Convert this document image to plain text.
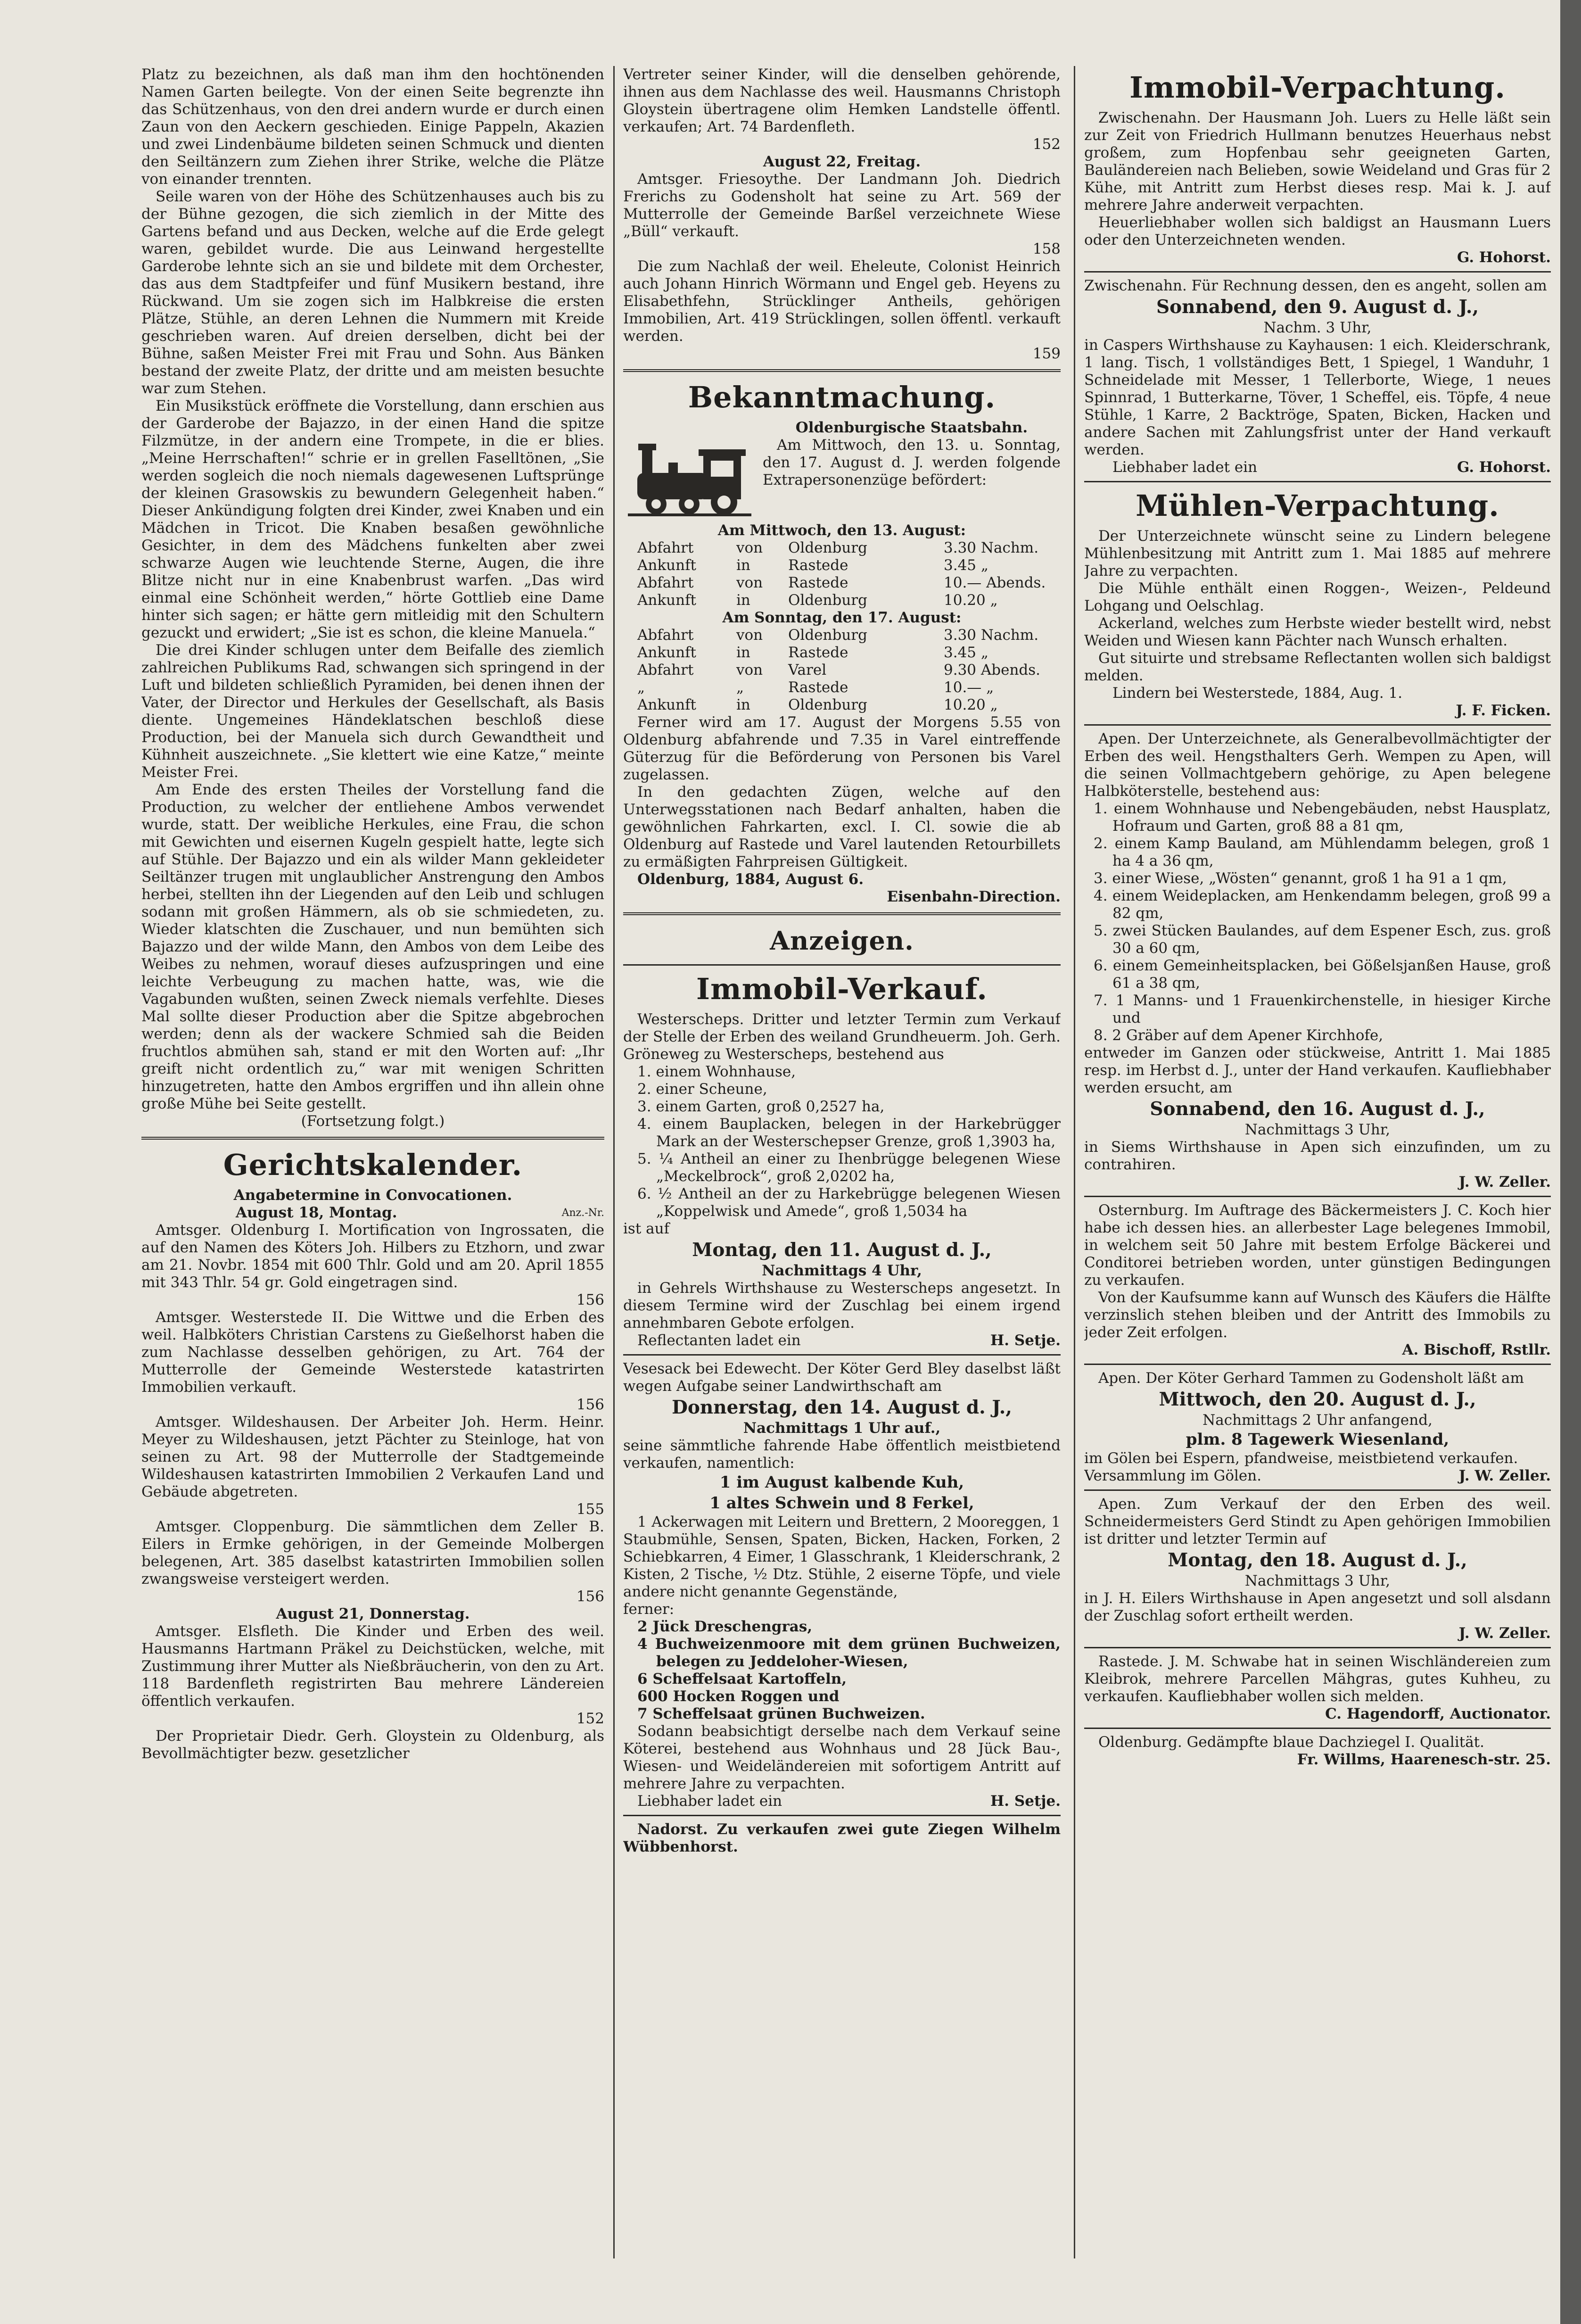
Platz zu bezeichnen, als daß man ihm den hochtönenden Namen Garten beilegte. Von der einen Seite begrenzte ihn das Schützenhaus, von den drei andern wurde er durch einen Zaun von den Aeckern geschieden. Einige Pappeln, Akazien und zwei Lindenbäume bildeten seinen Schmuck und dienten den Seiltänzern zum Ziehen ihrer Strike, welche die Plätze von einander trennten.

Seile waren von der Höhe des Schützenhauses auch bis zu der Bühne gezogen, die sich ziemlich in der Mitte des Gartens befand und aus Decken, welche auf die Erde gelegt waren, gebildet wurde. Die aus Leinwand hergestellte Garderobe lehnte sich an sie und bildete mit dem Orchester, das aus dem Stadtpfeifer und fünf Musikern bestand, ihre Rückwand. Um sie zogen sich im Halbkreise die ersten Plätze, Stühle, an deren Lehnen die Nummern mit Kreide geschrieben waren. Auf dreien derselben, dicht bei der Bühne, saßen Meister Frei mit Frau und Sohn. Aus Bänken bestand der zweite Platz, der dritte und am meisten besuchte war zum Stehen.

Ein Musikstück eröffnete die Vorstellung, dann erschien aus der Garderobe der Bajazzo, in der einen Hand die spitze Filzmütze, in der andern eine Trompete, in die er blies. „Meine Herrschaften!“ schrie er in grellen Faselltönen, „Sie werden sogleich die noch niemals dagewesenen Luftsprünge der kleinen Grasowskis zu bewundern Gelegenheit haben.“ Dieser Ankündigung folgten drei Kinder, zwei Knaben und ein Mädchen in Tricot. Die Knaben besaßen gewöhnliche Gesichter, in dem des Mädchens funkelten aber zwei schwarze Augen wie leuchtende Sterne, Augen, die ihre Blitze nicht nur in eine Knabenbrust warfen. „Das wird einmal eine Schönheit werden,“ hörte Gottlieb eine Dame hinter sich sagen; er hätte gern mitleidig mit den Schultern gezuckt und erwidert; „Sie ist es schon, die kleine Manuela.“

Die drei Kinder schlugen unter dem Beifalle des ziemlich zahlreichen Publikums Rad, schwangen sich springend in der Luft und bildeten schließlich Pyramiden, bei denen ihnen der Vater, der Director und Herkules der Gesellschaft, als Basis diente. Ungemeines Händeklatschen beschloß diese Production, bei der Manuela sich durch Gewandtheit und Kühnheit auszeichnete. „Sie klettert wie eine Katze,“ meinte Meister Frei.

Am Ende des ersten Theiles der Vorstellung fand die Production, zu welcher der entliehene Ambos verwendet wurde, statt. Der weibliche Herkules, eine Frau, die schon mit Gewichten und eisernen Kugeln gespielt hatte, legte sich auf Stühle. Der Bajazzo und ein als wilder Mann gekleideter Seiltänzer trugen mit unglaublicher Anstrengung den Ambos herbei, stellten ihn der Liegenden auf den Leib und schlugen sodann mit großen Hämmern, als ob sie schmiedeten, zu. Wieder klatschten die Zuschauer, und nun bemühten sich Bajazzo und der wilde Mann, den Ambos von dem Leibe des Weibes zu nehmen, worauf dieses aufzuspringen und eine leichte Verbeugung zu machen hatte, was, wie die Vagabunden wußten, seinen Zweck niemals verfehlte. Dieses Mal sollte dieser Production aber die Spitze abgebrochen werden; denn als der wackere Schmied sah die Beiden fruchtlos abmühen sah, stand er mit den Worten auf: „Ihr greift nicht ordentlich zu,“ war mit wenigen Schritten hinzugetreten, hatte den Ambos ergriffen und ihn allein ohne große Mühe bei Seite gestellt.

(Fortsetzung folgt.)
Gerichtskalender.
Angabetermine in Convocationen.
August 18, Montag.	Anz.-Nr.

Amtsger. Oldenburg I. Mortification von Ingrossaten, die auf den Namen des Köters Joh. Hilbers zu Etzhorn, und zwar am 21. Novbr. 1854 mit 600 Thlr. Gold und am 20. April 1855 mit 343 Thlr. 54 gr. Gold eingetragen sind.

156

Amtsger. Westerstede II. Die Wittwe und die Erben des weil. Halbköters Christian Carstens zu Gießelhorst haben die zum Nachlasse desselben gehörigen, zu Art. 764 der Mutterrolle der Gemeinde Westerstede katastrirten Immobilien verkauft.

156

Amtsger. Wildeshausen. Der Arbeiter Joh. Herm. Heinr. Meyer zu Wildeshausen, jetzt Pächter zu Steinloge, hat von seinen zu Art. 98 der Mutterrolle der Stadtgemeinde Wildeshausen katastrirten Immobilien 2 Verkaufen Land und Gebäude abgetreten.

155

Amtsger. Cloppenburg. Die sämmtlichen dem Zeller B. Eilers in Ermke gehörigen, in der Gemeinde Molbergen belegenen, Art. 385 daselbst katastrirten Immobilien sollen zwangsweise versteigert werden.

156
August 21, Donnerstag.

Amtsger. Elsfleth. Die Kinder und Erben des weil. Hausmanns Hartmann Präkel zu Deichstücken, welche, mit Zustimmung ihrer Mutter als Nießbräucherin, von den zu Art. 118 Bardenfleth registrirten Bau mehrere Ländereien öffentlich verkaufen.

152

Der Proprietair Diedr. Gerh. Gloystein zu Oldenburg, als Bevollmächtigter bezw. gesetzlicher

Vertreter seiner Kinder, will die denselben gehörende, ihnen aus dem Nachlasse des weil. Hausmanns Christoph Gloystein übertragene olim Hemken Landstelle öffentl. verkaufen; Art. 74 Bardenfleth.

152
August 22, Freitag.

Amtsger. Friesoythe. Der Landmann Joh. Diedrich Frerichs zu Godensholt hat seine zu Art. 569 der Mutterrolle der Gemeinde Barßel verzeichnete Wiese „Büll“ verkauft.

158

Die zum Nachlaß der weil. Eheleute, Colonist Heinrich auch Johann Hinrich Wörmann und Engel geb. Heyens zu Elisabethfehn, Strücklinger Antheils, gehörigen Immobilien, Art. 419 Strücklingen, sollen öffentl. verkauft werden.

159
Bekanntmachung.
Oldenburgische Staatsbahn.

Am Mittwoch, den 13. u. Sonntag, den 17. August d. J. werden folgende Extrapersonenzüge befördert:

Am Mittwoch, den 13. August:
Abfahrt	von	Oldenburg	3.30 Nachm.
Ankunft	in	Rastede	3.45 „
Abfahrt	von	Rastede	10.— Abends.
Ankunft	in	Oldenburg	10.20 „
Am Sonntag, den 17. August:
Abfahrt	von	Oldenburg	3.30 Nachm.
Ankunft	in	Rastede	3.45 „
Abfahrt	von	Varel	9.30 Abends.
„	„	Rastede	10.— „
Ankunft	in	Oldenburg	10.20 „

Ferner wird am 17. August der Morgens 5.55 von Oldenburg abfahrende und 7.35 in Varel eintreffende Güterzug für die Beförderung von Personen bis Varel zugelassen.

In den gedachten Zügen, welche auf den Unterwegsstationen nach Bedarf anhalten, haben die gewöhnlichen Fahrkarten, excl. I. Cl. sowie die ab Oldenburg auf Rastede und Varel lautenden Retourbillets zu ermäßigten Fahrpreisen Gültigkeit.

Oldenburg, 1884, August 6.
Eisenbahn-Direction.
Anzeigen.
Immobil-Verkauf.

Westerscheps. Dritter und letzter Termin zum Verkauf der Stelle der Erben des weiland Grundheuerm. Joh. Gerh. Gröneweg zu Westerscheps, bestehend aus

1. einem Wohnhause,
2. einer Scheune,
3. einem Garten, groß 0,2527 ha,
4. einem Bauplacken, belegen in der Harkebrügger Mark an der Westerschepser Grenze, groß 1,3903 ha,
5. ¼ Antheil an einer zu Ihenbrügge belegenen Wiese „Meckelbrock“, groß 2,0202 ha,
6. ½ Antheil an der zu Harkebrügge belegenen Wiesen „Koppelwisk und Amede“, groß 1,5034 ha
ist auf
Montag, den 11. August d. J.,
Nachmittags 4 Uhr,

in Gehrels Wirthshause zu Westerscheps angesetzt. In diesem Termine wird der Zuschlag bei einem irgend annehmbaren Gebote erfolgen.

Reflectanten ladet ein	H. Setje.

Vesesack bei Edewecht. Der Köter Gerd Bley daselbst läßt wegen Aufgabe seiner Landwirthschaft am

Donnerstag, den 14. August d. J.,
Nachmittags 1 Uhr auf.,

seine sämmtliche fahrende Habe öffentlich meistbietend verkaufen, namentlich:

1 im August kalbende Kuh,
1 altes Schwein und 8 Ferkel,

1 Ackerwagen mit Leitern und Brettern, 2 Mooreggen, 1 Staubmühle, Sensen, Spaten, Bicken, Hacken, Forken, 2 Schiebkarren, 4 Eimer, 1 Glasschrank, 1 Kleiderschrank, 2 Kisten, 2 Tische, ½ Dtz. Stühle, 2 eiserne Töpfe, und viele andere nicht genannte Gegenstände,

ferner:
2 Jück Dreschengras,
4 Buchweizenmoore mit dem grünen Buchweizen, belegen zu Jeddeloher-Wiesen,
6 Scheffelsaat Kartoffeln,
600 Hocken Roggen und
7 Scheffelsaat grünen Buchweizen.

Sodann beabsichtigt derselbe nach dem Verkauf seine Köterei, bestehend aus Wohnhaus und 28 Jück Bau-, Wiesen- und Weideländereien mit sofortigem Antritt auf mehrere Jahre zu verpachten.

Liebhaber ladet ein	H. Setje.

Nadorst. Zu verkaufen zwei gute Ziegen Wilhelm Wübbenhorst.

Immobil-Verpachtung.

Zwischenahn. Der Hausmann Joh. Luers zu Helle läßt sein zur Zeit von Friedrich Hullmann benutzes Heuerhaus nebst großem, zum Hopfenbau sehr geeigneten Garten, Bauländereien nach Belieben, sowie Weideland und Gras für 2 Kühe, mit Antritt zum Herbst dieses resp. Mai k. J. auf mehrere Jahre anderweit verpachten.

Heuerliebhaber wollen sich baldigst an Hausmann Luers oder den Unterzeichneten wenden.

G. Hohorst.

Zwischenahn. Für Rechnung dessen, den es angeht, sollen am

Sonnabend, den 9. August d. J.,
Nachm. 3 Uhr,

in Caspers Wirthshause zu Kayhausen: 1 eich. Kleiderschrank, 1 lang. Tisch, 1 vollständiges Bett, 1 Spiegel, 1 Wanduhr, 1 Schneidelade mit Messer, 1 Tellerborte, Wiege, 1 neues Spinnrad, 1 Butterkarne, Töver, 1 Scheffel, eis. Töpfe, 4 neue Stühle, 1 Karre, 2 Backtröge, Spaten, Bicken, Hacken und andere Sachen mit Zahlungsfrist unter der Hand verkauft werden.

Liebhaber ladet ein	G. Hohorst.
Mühlen-Verpachtung.

Der Unterzeichnete wünscht seine zu Lindern belegene Mühlenbesitzung mit Antritt zum 1. Mai 1885 auf mehrere Jahre zu verpachten.

Die Mühle enthält einen Roggen-, Weizen-, Peldeund Lohgang und Oelschlag.

Ackerland, welches zum Herbste wieder bestellt wird, nebst Weiden und Wiesen kann Pächter nach Wunsch erhalten.

Gut situirte und strebsame Reflectanten wollen sich baldigst melden.

Lindern bei Westerstede, 1884, Aug. 1.
J. F. Ficken.

Apen. Der Unterzeichnete, als Generalbevollmächtigter der Erben des weil. Hengsthalters Gerh. Wempen zu Apen, will die seinen Vollmachtgebern gehörige, zu Apen belegene Halbköterstelle, bestehend aus:

1. einem Wohnhause und Nebengebäuden, nebst Hausplatz, Hofraum und Garten, groß 88 a 81 qm,
2. einem Kamp Bauland, am Mühlendamm belegen, groß 1 ha 4 a 36 qm,
3. einer Wiese, „Wösten“ genannt, groß 1 ha 91 a 1 qm,
4. einem Weideplacken, am Henkendamm belegen, groß 99 a 82 qm,
5. zwei Stücken Baulandes, auf dem Espener Esch, zus. groß 30 a 60 qm,
6. einem Gemeinheitsplacken, bei Gößelsjanßen Hause, groß 61 a 38 qm,
7. 1 Manns- und 1 Frauenkirchenstelle, in hiesiger Kirche und
8. 2 Gräber auf dem Apener Kirchhofe,

entweder im Ganzen oder stückweise, Antritt 1. Mai 1885 resp. im Herbst d. J., unter der Hand verkaufen. Kaufliebhaber werden ersucht, am

Sonnabend, den 16. August d. J.,
Nachmittags 3 Uhr,

in Siems Wirthshause in Apen sich einzufinden, um zu contrahiren.

J. W. Zeller.

Osternburg. Im Auftrage des Bäckermeisters J. C. Koch hier habe ich dessen hies. an allerbester Lage belegenes Immobil, in welchem seit 50 Jahre mit bestem Erfolge Bäckerei und Conditorei betrieben worden, unter günstigen Bedingungen zu verkaufen.

Von der Kaufsumme kann auf Wunsch des Käufers die Hälfte verzinslich stehen bleiben und der Antritt des Immobils zu jeder Zeit erfolgen.

A. Bischoff, Rstllr.

Apen. Der Köter Gerhard Tammen zu Godensholt läßt am

Mittwoch, den 20. August d. J.,
Nachmittags 2 Uhr anfangend,
plm. 8 Tagewerk Wiesenland,

im Gölen bei Espern, pfandweise, meistbietend verkaufen.

Versammlung im Gölen.	J. W. Zeller.

Apen. Zum Verkauf der den Erben des weil. Schneidermeisters Gerd Stindt zu Apen gehörigen Immobilien ist dritter und letzter Termin auf

Montag, den 18. August d. J.,
Nachmittags 3 Uhr,

in J. H. Eilers Wirthshause in Apen angesetzt und soll alsdann der Zuschlag sofort ertheilt werden.

J. W. Zeller.

Rastede. J. M. Schwabe hat in seinen Wischländereien zum Kleibrok, mehrere Parcellen Mähgras, gutes Kuhheu, zu verkaufen. Kaufliebhaber wollen sich melden.

C. Hagendorff, Auctionator.

Oldenburg. Gedämpfte blaue Dachziegel I. Qualität.

Fr. Willms, Haarenesch-str. 25.
